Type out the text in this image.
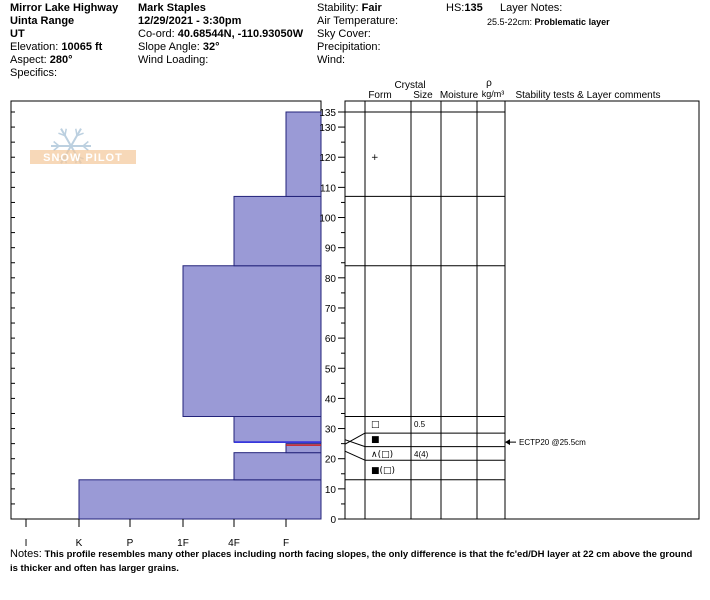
Mirror Lake Highway
Uinta Range
UT
Elevation: 10065 ft
Aspect: 280°
Specifics:
Mark Staples
12/29/2021 - 3:30pm
Co-ord: 40.68544N, -110.93050W
Slope Angle: 32°
Wind Loading:
Stability: Fair
Air Temperature:
Sky Cover:
Precipitation:
Wind:
HS:135 Layer Notes:
25.5-22cm: Problematic layer
SNOW PILOT
I	K	P	1F	4F	F
0
10
20
30
40
50
60
70
80
90
100
110
120
130
135
Crystal
Form Size Moisture
ρ
kg/m³ Stability tests & Layer comments
+
□	0.5
■
∧(□)	4(4)
■(□)
ECTP20 @25.5cm
Notes: This profile resembles many other places including north facing slopes, the only difference is that the fc'ed/DH layer at 22 cm above the ground is thicker and often has larger grains.
